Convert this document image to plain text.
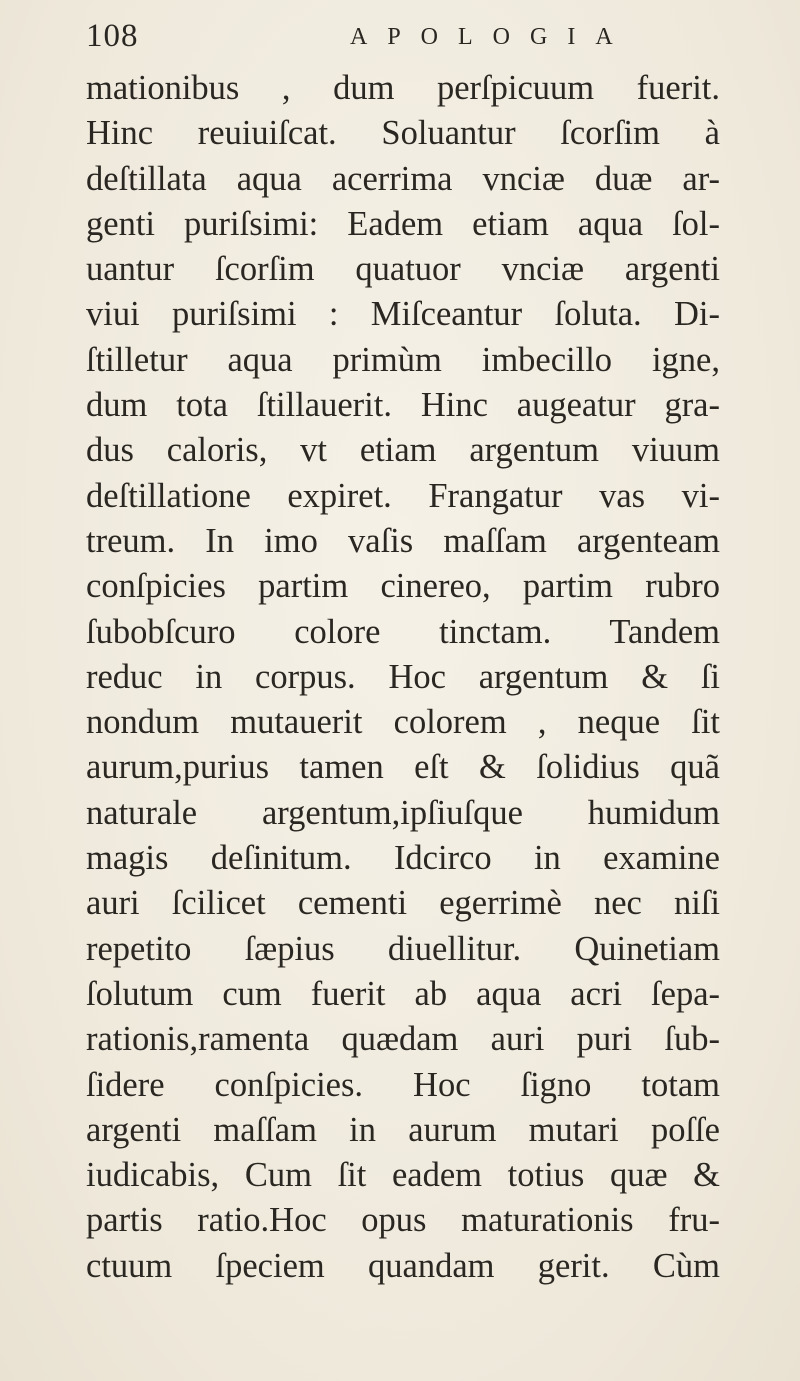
108	APOLOGIA
mationibus , dum perſpicuum fuerit.
Hinc reuiuiſcat. Soluantur ſcorſim à
deſtillata aqua acerrima vnciæ duæ ar-
genti puriſsimi: Eadem etiam aqua ſol-
uantur ſcorſim quatuor vnciæ argenti
viui puriſsimi : Miſceantur ſoluta. Di-
ſtilletur aqua primùm imbecillo igne,
dum tota ſtillauerit. Hinc augeatur gra-
dus caloris, vt etiam argentum viuum
deſtillatione expiret. Frangatur vas vi-
treum. In imo vaſis maſſam argenteam
conſpicies partim cinereo, partim rubro
ſubobſcuro colore tinctam. Tandem
reduc in corpus. Hoc argentum & ſi
nondum mutauerit colorem , neque ſit
aurum,purius tamen eſt & ſolidius quã
naturale argentum,ipſiuſque humidum
magis deſinitum. Idcirco in examine
auri ſcilicet cementi egerrimè nec niſi
repetito ſæpius diuellitur. Quinetiam
ſolutum cum fuerit ab aqua acri ſepa-
rationis,ramenta quædam auri puri ſub-
ſidere conſpicies. Hoc ſigno totam
argenti maſſam in aurum mutari poſſe
iudicabis, Cum ſit eadem totius quæ &
partis ratio.Hoc opus maturationis fru-
ctuum ſpeciem quandam gerit. Cùm
